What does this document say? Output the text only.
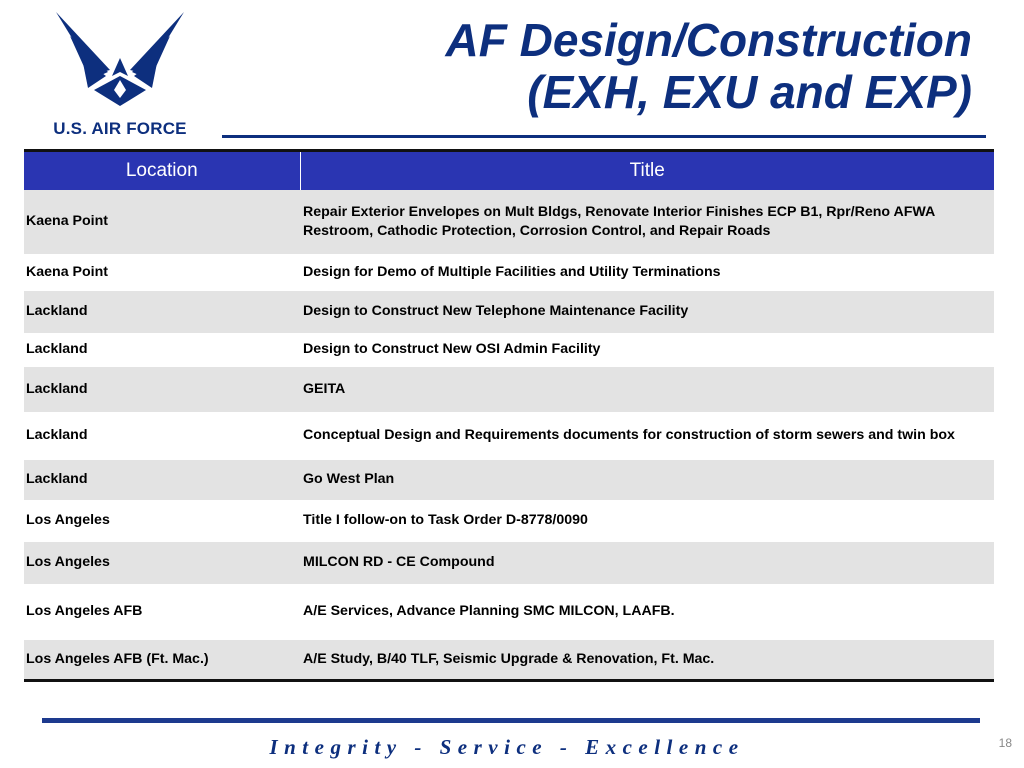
U.S. AIR FORCE
AF Design/Construction
(EXH, EXU and EXP)
Location	Title
Kaena Point	Repair Exterior Envelopes on Mult Bldgs, Renovate Interior Finishes ECP B1, Rpr/Reno AFWA Restroom, Cathodic Protection, Corrosion Control, and Repair Roads
Kaena Point	Design for Demo of Multiple Facilities and Utility Terminations
Lackland	Design to Construct New Telephone Maintenance Facility
Lackland	Design to Construct New OSI Admin Facility
Lackland	GEITA
Lackland	Conceptual Design and Requirements documents for construction of storm sewers and twin box
Lackland	Go West Plan
Los Angeles	Title I follow-on to Task Order D-8778/0090
Los Angeles	MILCON RD - CE Compound
Los Angeles AFB	A/E Services, Advance Planning SMC MILCON, LAAFB.
Los Angeles AFB (Ft. Mac.)	A/E Study, B/40 TLF, Seismic Upgrade & Renovation, Ft. Mac.
Integrity - Service - Excellence	18
